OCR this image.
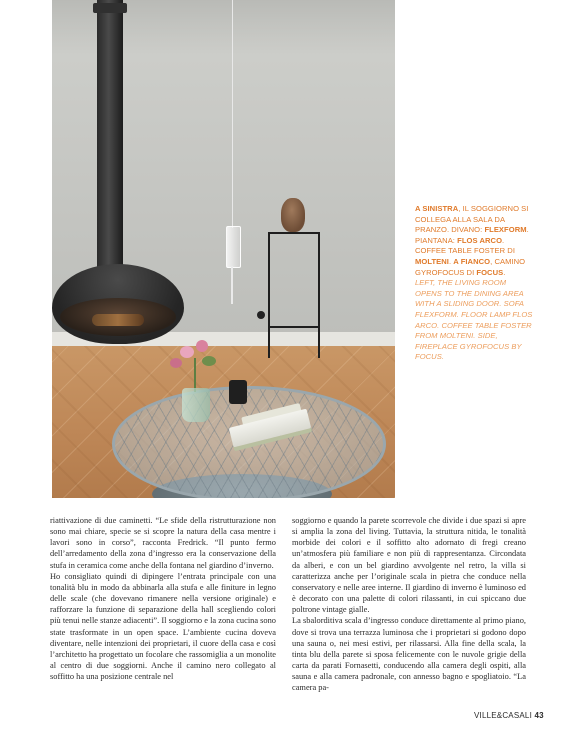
A SINISTRA, IL SOGGIORNO SI COLLEGA ALLA SALA DA PRANZO. DIVANO: FLEXFORM. PIANTANA: FLOS ARCO. COFFEE TABLE FOSTER DI MOLTENI. A FIANCO, CAMINO GYROFOCUS DI FOCUS.
LEFT, THE LIVING ROOM OPENS TO THE DINING AREA WITH A SLIDING DOOR. SOFA FLEXFORM. FLOOR LAMP FLOS ARCO. COFFEE TABLE FOSTER FROM MOLTENI. SIDE, FIREPLACE GYROFOCUS BY FOCUS.

riattivazione di due caminetti. “Le sfide della ristrutturazione non sono mai chiare, specie se si scopre la natura della casa mentre i lavori sono in corso”, racconta Fredrick. “Il punto fermo dell’arredamento della zona d’ingresso era la conservazione della stufa in ceramica come anche della fontana nel giardino d’inverno.

Ho consigliato quindi di dipingere l’entrata principale con una tonalità blu in modo da abbinarla alla stufa e alle finiture in legno delle scale (che dovevano rimanere nella versione originale) e rafforzare la funzione di separazione della hall scegliendo colori più tenui nelle stanze adiacenti”. Il soggiorno e la zona cucina sono state trasformate in un open space. L’ambiente cucina doveva diventare, nelle intenzioni dei proprietari, il cuore della casa e così l’architetto ha progettato un focolare che rassomiglia a un monolite al centro di due soggiorni. Anche il camino nero collegato al soffitto ha una posizione centrale nel

soggiorno e quando la parete scorrevole che divide i due spazi si apre si amplia la zona del living. Tuttavia, la struttura nitida, le tonalità morbide dei colori e il soffitto alto adornato di fregi creano un’atmosfera più familiare e non più di rappresentanza. Circondata da alberi, e con un bel giardino avvolgente nel retro, la villa si caratterizza anche per l’originale scala in pietra che conduce nella conservatory e nelle aree interne. Il giardino di inverno è luminoso ed è decorato con una palette di colori rilassanti, in cui spiccano due poltrone vintage gialle.

La sbalorditiva scala d’ingresso conduce direttamente al primo piano, dove si trova una terrazza luminosa che i proprietari si godono dopo una sauna o, nei mesi estivi, per rilassarsi. Alla fine della scala, la tinta blu della parete si sposa felicemente con le nuvole grigie della carta da parati Fornasetti, conducendo alla camera degli ospiti, alla sauna e alla camera padronale, con annesso bagno e spogliatoio. “La camera pa-

VILLE&CASALI 43
